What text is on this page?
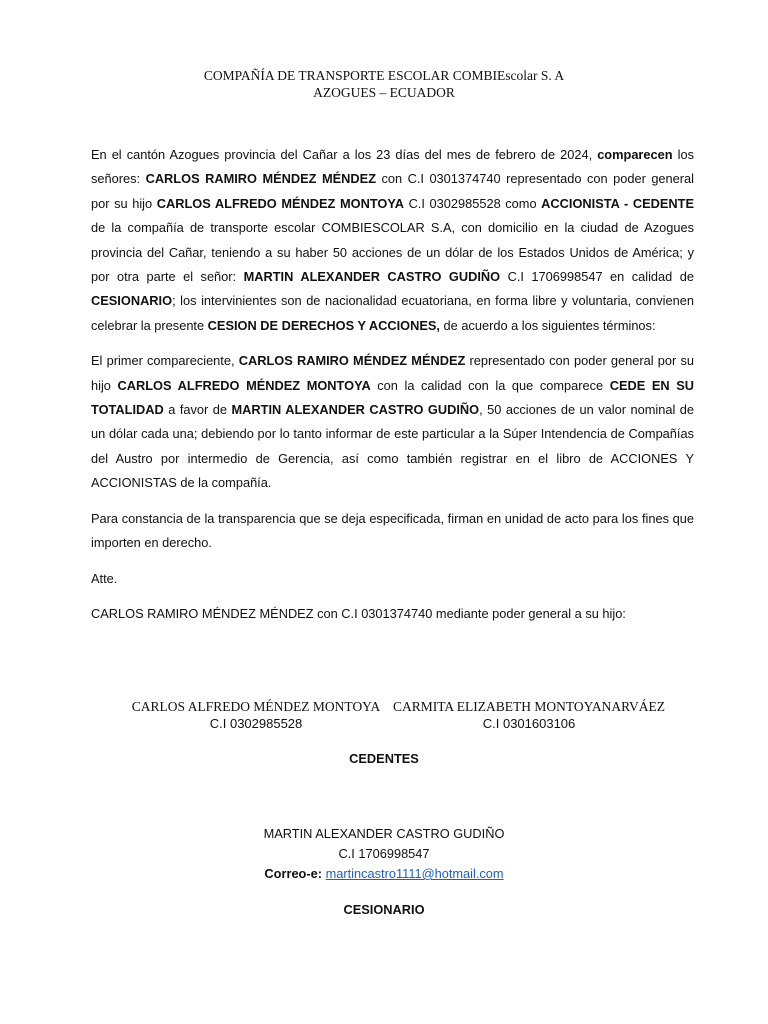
COMPAÑÍA DE TRANSPORTE ESCOLAR COMBIEscolar S. A
AZOGUES – ECUADOR

En el cantón Azogues provincia del Cañar a los 23 días del mes de febrero de 2024, comparecen los señores: CARLOS RAMIRO MÉNDEZ MÉNDEZ con C.I 0301374740 representado con poder general por su hijo CARLOS ALFREDO MÉNDEZ MONTOYA C.I 0302985528 como ACCIONISTA - CEDENTE de la compañía de transporte escolar COMBIESCOLAR S.A, con domicilio en la ciudad de Azogues provincia del Cañar, teniendo a su haber 50 acciones de un dólar de los Estados Unidos de América; y por otra parte el señor: MARTIN ALEXANDER CASTRO GUDIÑO C.I 1706998547 en calidad de CESIONARIO; los intervinientes son de nacionalidad ecuatoriana, en forma libre y voluntaria, convienen celebrar la presente CESION DE DERECHOS Y ACCIONES, de acuerdo a los siguientes términos:

El primer compareciente, CARLOS RAMIRO MÉNDEZ MÉNDEZ representado con poder general por su hijo CARLOS ALFREDO MÉNDEZ MONTOYA con la calidad con la que comparece CEDE EN SU TOTALIDAD a favor de MARTIN ALEXANDER CASTRO GUDIÑO, 50 acciones de un valor nominal de un dólar cada una; debiendo por lo tanto informar de este particular a la Súper Intendencia de Compañías del Austro por intermedio de Gerencia, así como también registrar en el libro de ACCIONES Y ACCIONISTAS de la compañía.

Para constancia de la transparencia que se deja especificada, firman en unidad de acto para los fines que importen en derecho.

Atte.

CARLOS RAMIRO MÉNDEZ MÉNDEZ con C.I 0301374740 mediante poder general a su hijo:

CARLOS ALFREDO MÉNDEZ MONTOYA
C.I 0302985528
CARMITA ELIZABETH MONTOYANARVÁEZ
C.I 0301603106
CEDENTES
MARTIN ALEXANDER CASTRO GUDIÑO
C.I 1706998547
Correo-e: martincastro1111@hotmail.com
CESIONARIO
